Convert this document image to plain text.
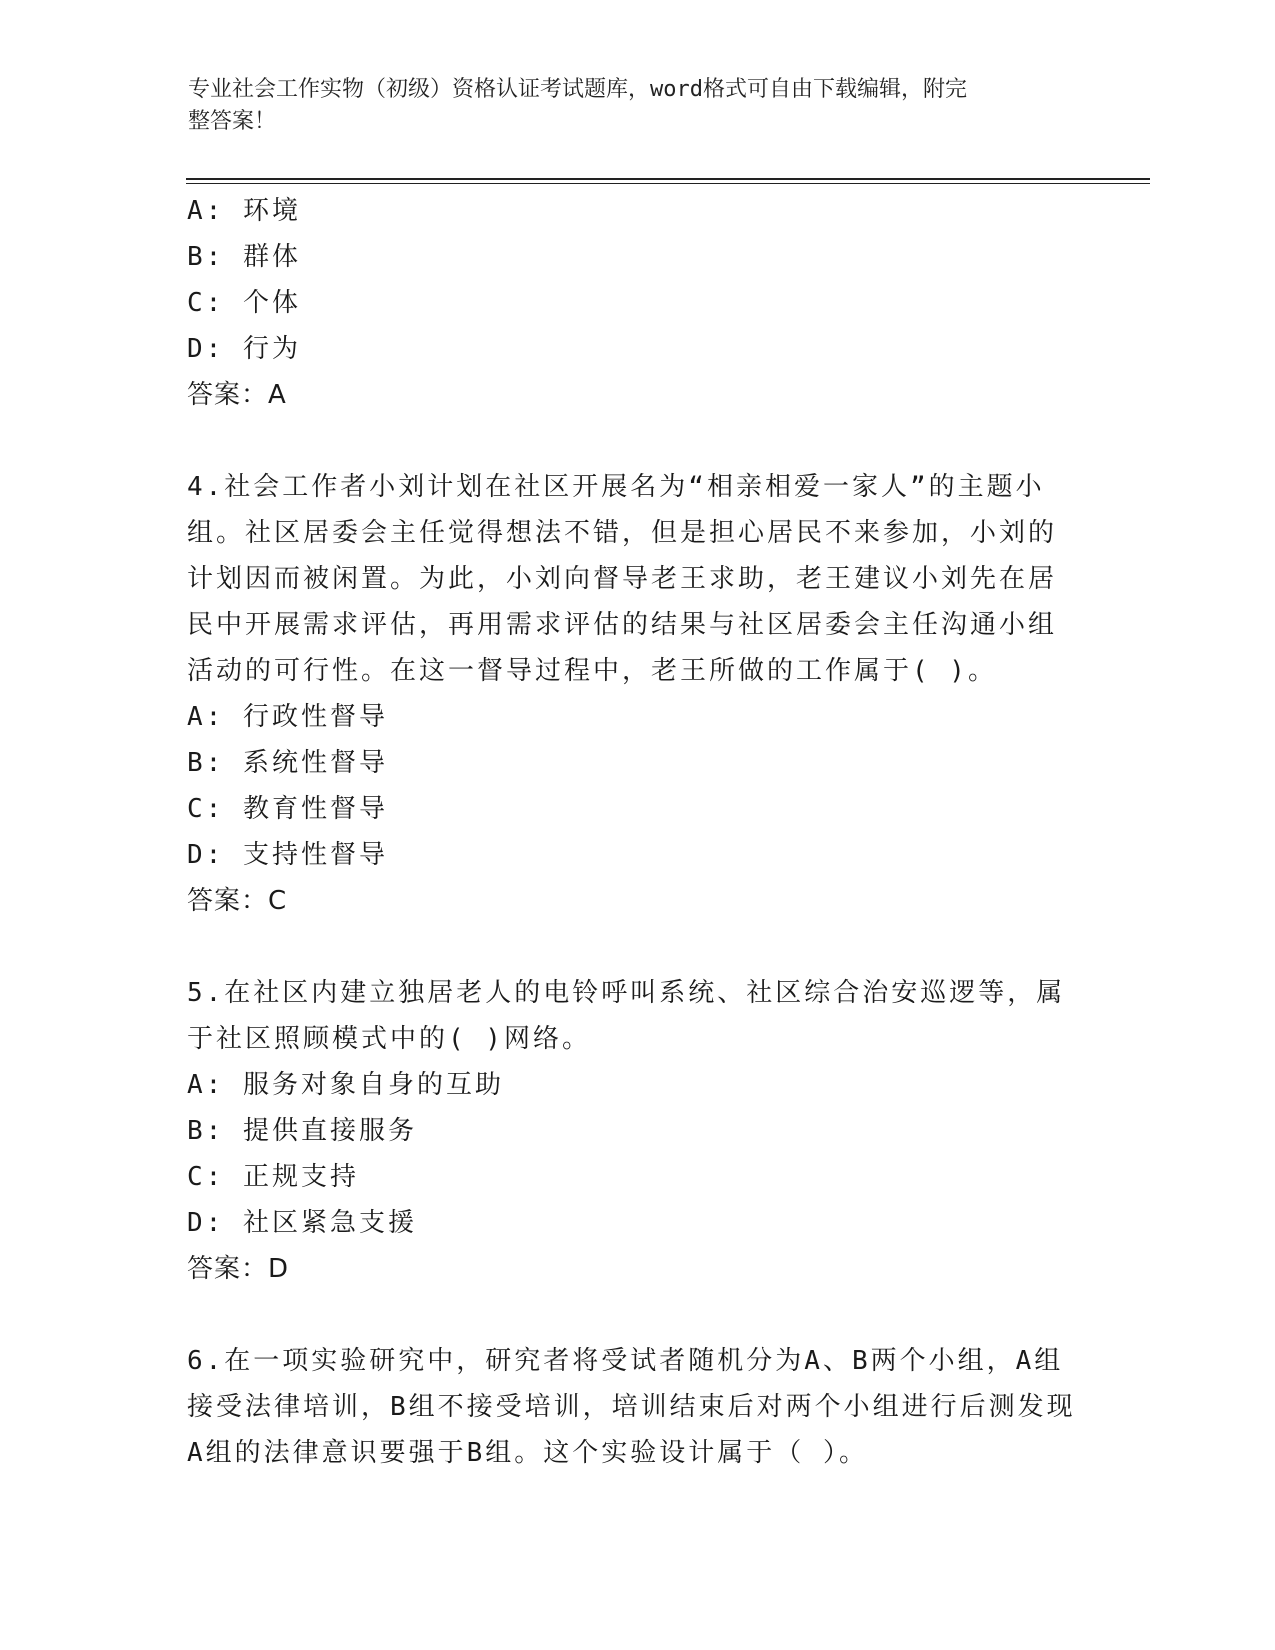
专业社会工作实物（初级）资格认证考试题库，word格式可自由下载编辑，附完
整答案！
A: 环境
B: 群体
C: 个体
D: 行为
答案：A
4.社会工作者小刘计划在社区开展名为“相亲相爱一家人”的主题小
组。社区居委会主任觉得想法不错，但是担心居民不来参加，小刘的
计划因而被闲置。为此，小刘向督导老王求助，老王建议小刘先在居
民中开展需求评估，再用需求评估的结果与社区居委会主任沟通小组
活动的可行性。在这一督导过程中，老王所做的工作属于( )。
A: 行政性督导
B: 系统性督导
C: 教育性督导
D: 支持性督导
答案：C
5.在社区内建立独居老人的电铃呼叫系统、社区综合治安巡逻等，属
于社区照顾模式中的( )网络。
A: 服务对象自身的互助
B: 提供直接服务
C: 正规支持
D: 社区紧急支援
答案：D
6.在一项实验研究中，研究者将受试者随机分为A、B两个小组，A组
接受法律培训，B组不接受培训，培训结束后对两个小组进行后测发现
A组的法律意识要强于B组。这个实验设计属于（ ）。
